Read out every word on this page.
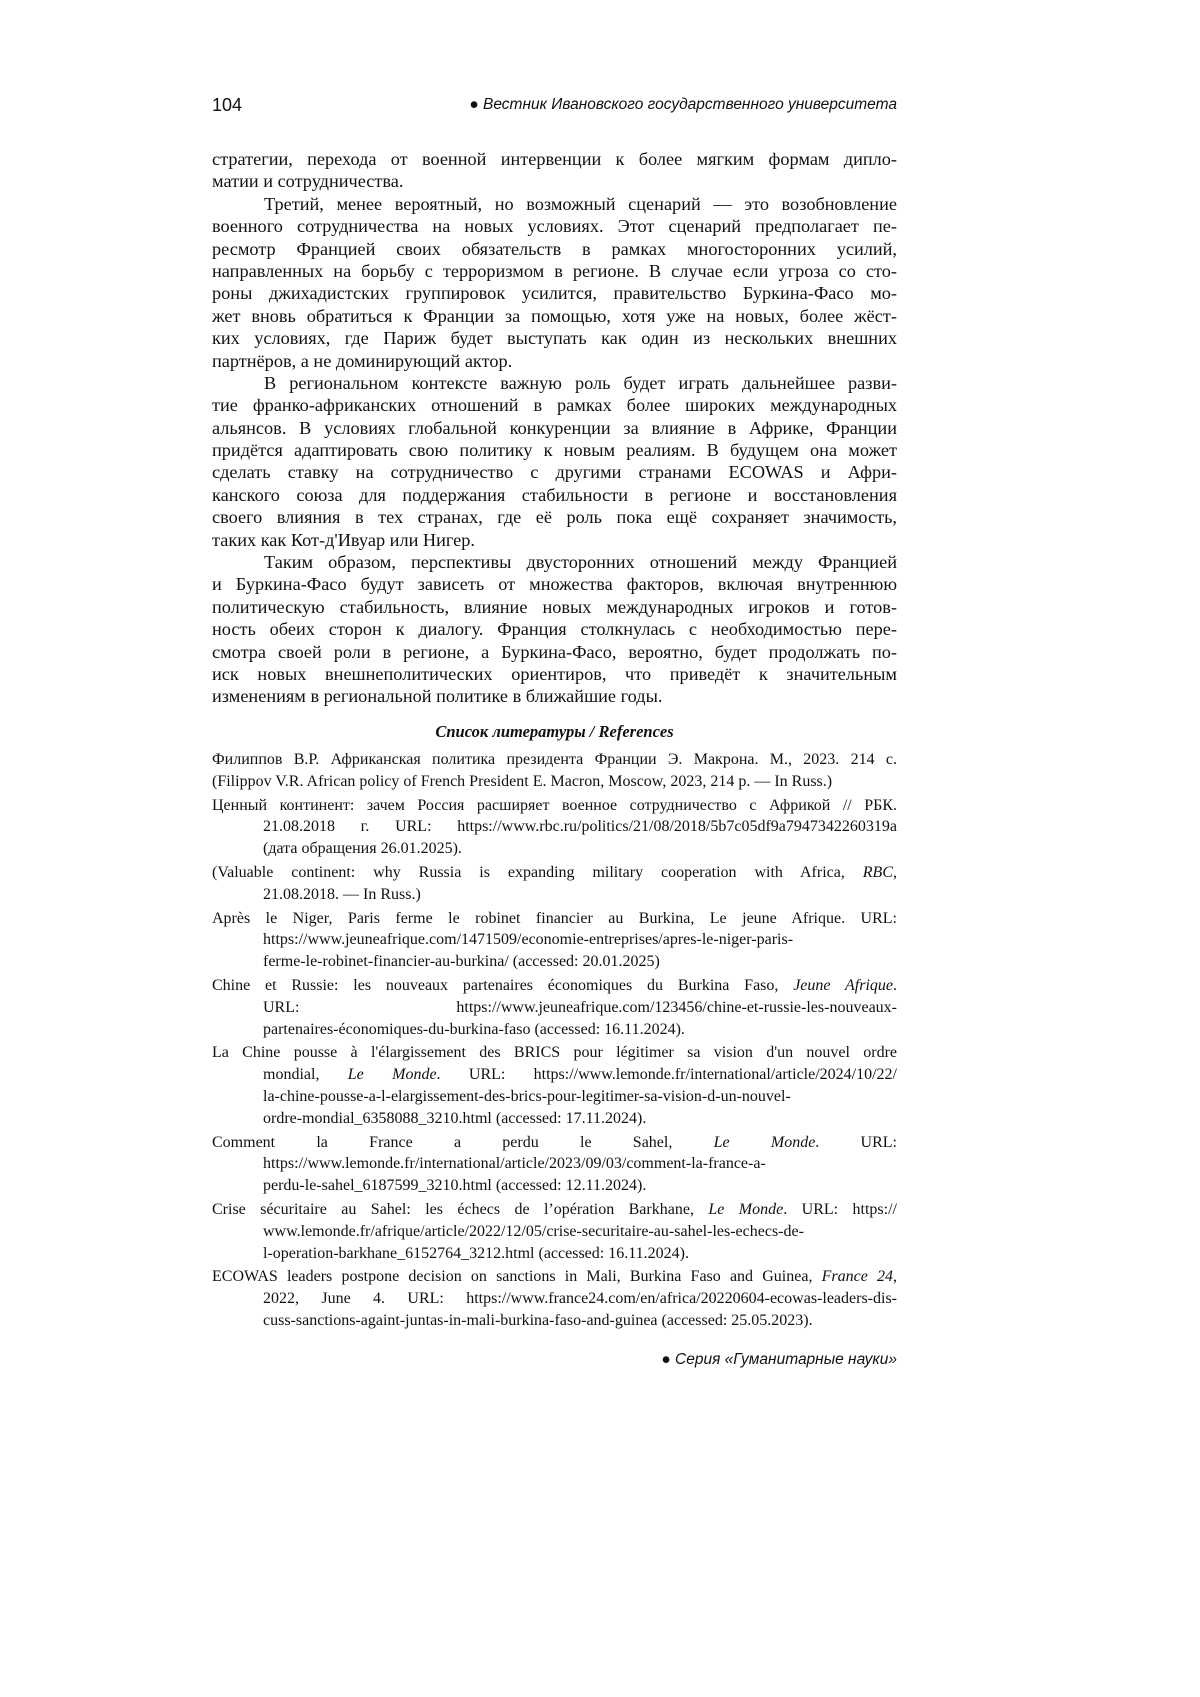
104	● Вестник Ивановского государственного университета
стратегии, перехода от военной интервенции к более мягким формам дипло-
матии и сотрудничества.
Третий, менее вероятный, но возможный сценарий — это возобновление
военного сотрудничества на новых условиях. Этот сценарий предполагает пе-
ресмотр Францией своих обязательств в рамках многосторонних усилий,
направленных на борьбу с терроризмом в регионе. В случае если угроза со сто-
роны джихадистских группировок усилится, правительство Буркина-Фасо мо-
жет вновь обратиться к Франции за помощью, хотя уже на новых, более жёст-
ких условиях, где Париж будет выступать как один из нескольких внешних
партнёров, а не доминирующий актор.
В региональном контексте важную роль будет играть дальнейшее разви-
тие франко-африканских отношений в рамках более широких международных
альянсов. В условиях глобальной конкуренции за влияние в Африке, Франции
придётся адаптировать свою политику к новым реалиям. В будущем она может
сделать ставку на сотрудничество с другими странами ECOWAS и Афри-
канского союза для поддержания стабильности в регионе и восстановления
своего влияния в тех странах, где её роль пока ещё сохраняет значимость,
таких как Кот-д'Ивуар или Нигер.
Таким образом, перспективы двусторонних отношений между Францией
и Буркина-Фасо будут зависеть от множества факторов, включая внутреннюю
политическую стабильность, влияние новых международных игроков и готов-
ность обеих сторон к диалогу. Франция столкнулась с необходимостью пере-
смотра своей роли в регионе, а Буркина-Фасо, вероятно, будет продолжать по-
иск новых внешнеполитических ориентиров, что приведёт к значительным
изменениям в региональной политике в ближайшие годы.
Список литературы / References
Филиппов В.Р. Африканская политика президента Франции Э. Макрона. М., 2023. 214 с.
(Filippov V.R. African policy of French President E. Macron, Moscow, 2023, 214 p. — In Russ.)
Ценный континент: зачем Россия расширяет военное сотрудничество с Африкой // РБК.
21.08.2018 г. URL: https://www.rbc.ru/politics/21/08/2018/5b7c05df9a7947342260319a
(дата обращения 26.01.2025).
(Valuable continent: why Russia is expanding military cooperation with Africa, RBC,
21.08.2018. — In Russ.)
Après le Niger, Paris ferme le robinet financier au Burkina, Le jeune Afrique. URL:
https://www.jeuneafrique.com/1471509/economie-entreprises/apres-le-niger-paris-
ferme-le-robinet-financier-au-burkina/ (accessed: 20.01.2025)
Chine et Russie: les nouveaux partenaires économiques du Burkina Faso, Jeune Afrique.
URL: https://www.jeuneafrique.com/123456/chine-et-russie-les-nouveaux-
partenaires-économiques-du-burkina-faso (accessed: 16.11.2024).
La Chine pousse à l'élargissement des BRICS pour légitimer sa vision d'un nouvel ordre
mondial, Le Monde. URL: https://www.lemonde.fr/international/article/2024/10/22/
la-chine-pousse-a-l-elargissement-des-brics-pour-legitimer-sa-vision-d-un-nouvel-
ordre-mondial_6358088_3210.html (accessed: 17.11.2024).
Comment la France a perdu le Sahel, Le Monde. URL:
https://www.lemonde.fr/international/article/2023/09/03/comment-la-france-a-
perdu-le-sahel_6187599_3210.html (accessed: 12.11.2024).
Crise sécuritaire au Sahel: les échecs de l’opération Barkhane, Le Monde. URL: https://
www.lemonde.fr/afrique/article/2022/12/05/crise-securitaire-au-sahel-les-echecs-de-
l-operation-barkhane_6152764_3212.html (accessed: 16.11.2024).
ECOWAS leaders postpone decision on sanctions in Mali, Burkina Faso and Guinea, France 24,
2022, June 4. URL: https://www.france24.com/en/africa/20220604-ecowas-leaders-dis-
cuss-sanctions-againt-juntas-in-mali-burkina-faso-and-guinea (accessed: 25.05.2023).
● Серия «Гуманитарные науки»
